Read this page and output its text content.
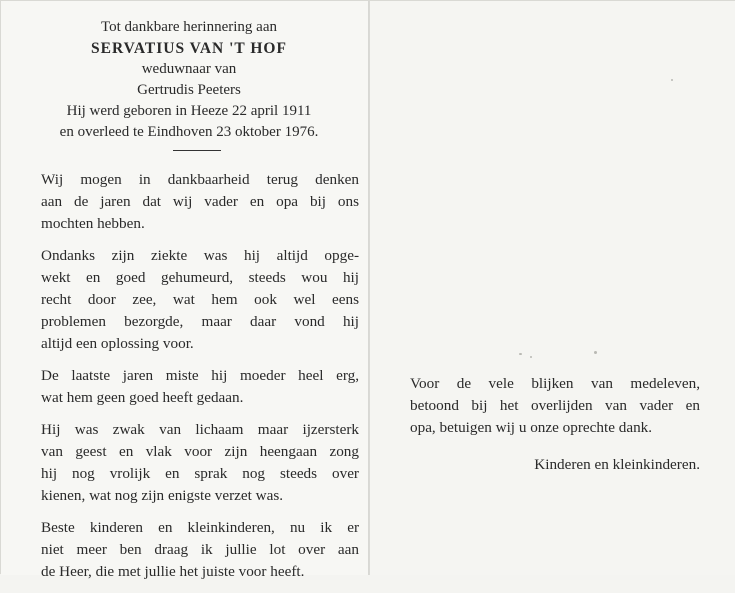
Tot dankbare herinnering aan
SERVATIUS VAN 'T HOF
weduwnaar van
Gertrudis Peeters
Hij werd geboren in Heeze 22 april 1911
en overleed te Eindhoven 23 oktober 1976.

Wij mogen in dankbaarheid terug denken
aan de jaren dat wij vader en opa bij ons
mochten hebben.

Ondanks zijn ziekte was hij altijd opge-
wekt en goed gehumeurd, steeds wou hij
recht door zee, wat hem ook wel eens
problemen bezorgde, maar daar vond hij
altijd een oplossing voor.

De laatste jaren miste hij moeder heel erg,
wat hem geen goed heeft gedaan.

Hij was zwak van lichaam maar ijzersterk
van geest en vlak voor zijn heengaan zong
hij nog vrolijk en sprak nog steeds over
kienen, wat nog zijn enigste verzet was.

Beste kinderen en kleinkinderen, nu ik er
niet meer ben draag ik jullie lot over aan
de Heer, die met jullie het juiste voor heeft.

Voor de vele blijken van medeleven,
betoond bij het overlijden van vader en
opa, betuigen wij u onze oprechte dank.
Kinderen en kleinkinderen.
